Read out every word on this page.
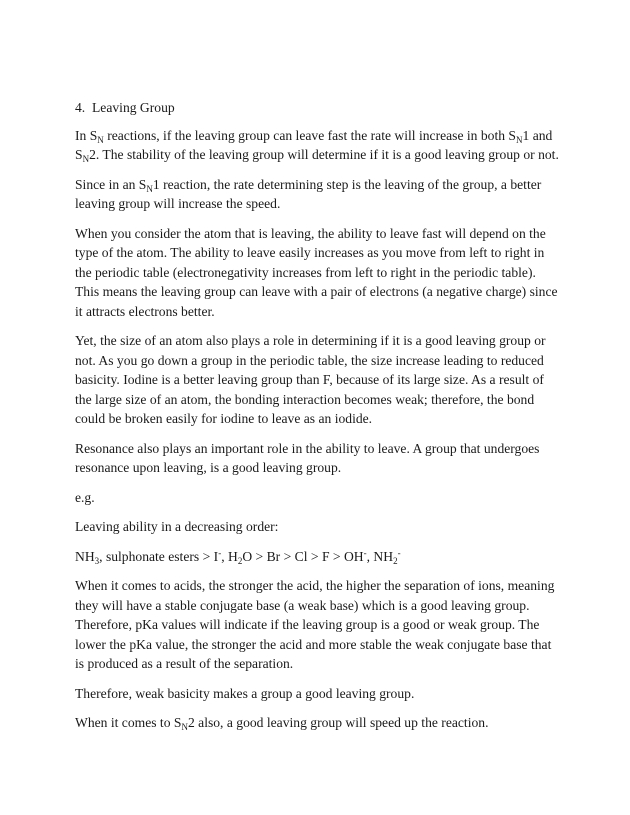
4. Leaving Group

In $S_N$ reactions, if the leaving group can leave fast the rate will increase in both $S_N1$ and $S_N2$. The stability of the leaving group will determine if it is a good leaving group or not.

Since in an $S_N1$ reaction, the rate determining step is the leaving of the group, a better leaving group will increase the speed.

When you consider the atom that is leaving, the ability to leave fast will depend on the type of the atom. The ability to leave easily increases as you move from left to right in the periodic table (electronegativity increases from left to right in the periodic table). This means the leaving group can leave with a pair of electrons (a negative charge) since it attracts electrons better.

Yet, the size of an atom also plays a role in determining if it is a good leaving group or not. As you go down a group in the periodic table, the size increase leading to reduced basicity. Iodine is a better leaving group than F, because of its large size. As a result of the large size of an atom, the bonding interaction becomes weak; therefore, the bond could be broken easily for iodine to leave as an iodide.

Resonance also plays an important role in the ability to leave. A group that undergoes resonance upon leaving, is a good leaving group.

e.g.

Leaving ability in a decreasing order:

$NH_3$, sulphonate esters > I-, $H_2O > Br > Cl > F > OH^-$, $NH_2^-$

When it comes to acids, the stronger the acid, the higher the separation of ions, meaning they will have a stable conjugate base (a weak base) which is a good leaving group. Therefore, pKa values will indicate if the leaving group is a good or weak group. The lower the pKa value, the stronger the acid and more stable the weak conjugate base that is produced as a result of the separation.

Therefore, weak basicity makes a group a good leaving group.

When it comes to $S_N2$ also, a good leaving group will speed up the reaction.
